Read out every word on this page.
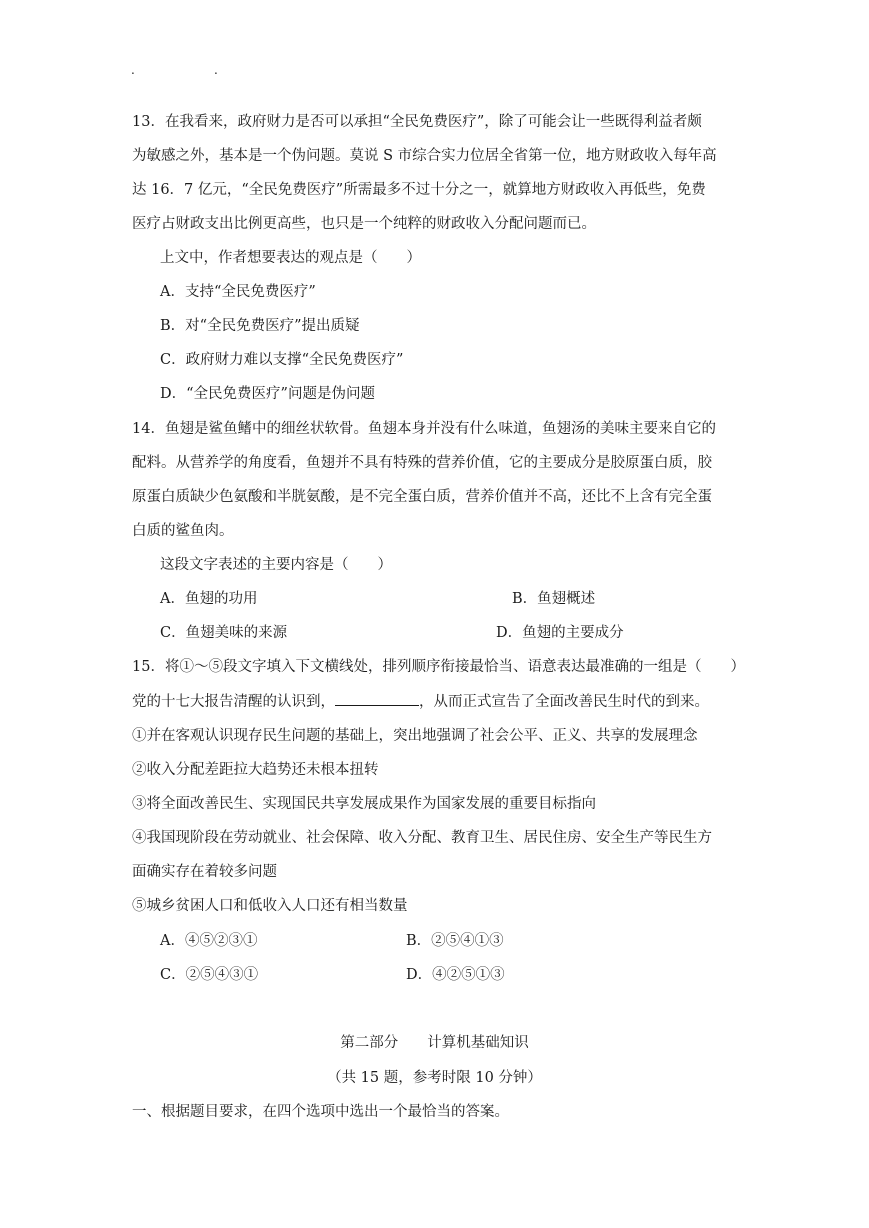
.	.
13．在我看来，政府财力是否可以承担“全民免费医疗”，除了可能会让一些既得利益者颇
为敏感之外，基本是一个伪问题。莫说 S 市综合实力位居全省第一位，地方财政收入每年高
达 16．7 亿元，“全民免费医疗”所需最多不过十分之一，就算地方财政收入再低些，免费
医疗占财政支出比例更高些，也只是一个纯粹的财政收入分配问题而已。
上文中，作者想要表达的观点是（　　）
A．支持“全民免费医疗”
B．对“全民免费医疗”提出质疑
C．政府财力难以支撑“全民免费医疗”
D．“全民免费医疗”问题是伪问题
14．鱼翅是鲨鱼鳍中的细丝状软骨。鱼翅本身并没有什么味道，鱼翅汤的美味主要来自它的
配料。从营养学的角度看，鱼翅并不具有特殊的营养价值，它的主要成分是胶原蛋白质，胶
原蛋白质缺少色氨酸和半胱氨酸，是不完全蛋白质，营养价值并不高，还比不上含有完全蛋
白质的鲨鱼肉。
这段文字表述的主要内容是（　　）
A．鱼翅的功用	B．鱼翅概述
C．鱼翅美味的来源	D．鱼翅的主要成分
15．将①～⑤段文字填入下文横线处，排列顺序衔接最恰当、语意表达最准确的一组是（　　）
党的十七大报告清醒的认识到，	，从而正式宣告了全面改善民生时代的到来。
①并在客观认识现存民生问题的基础上，突出地强调了社会公平、正义、共享的发展理念
②收入分配差距拉大趋势还未根本扭转
③将全面改善民生、实现国民共享发展成果作为国家发展的重要目标指向
④我国现阶段在劳动就业、社会保障、收入分配、教育卫生、居民住房、安全生产等民生方
面确实存在着较多问题
⑤城乡贫困人口和低收入人口还有相当数量
A．④⑤②③①	B．②⑤④①③
C．②⑤④③①	D．④②⑤①③
第二部分　　计算机基础知识
（共 15 题，参考时限 10 分钟）
一、根据题目要求，在四个选项中选出一个最恰当的答案。
